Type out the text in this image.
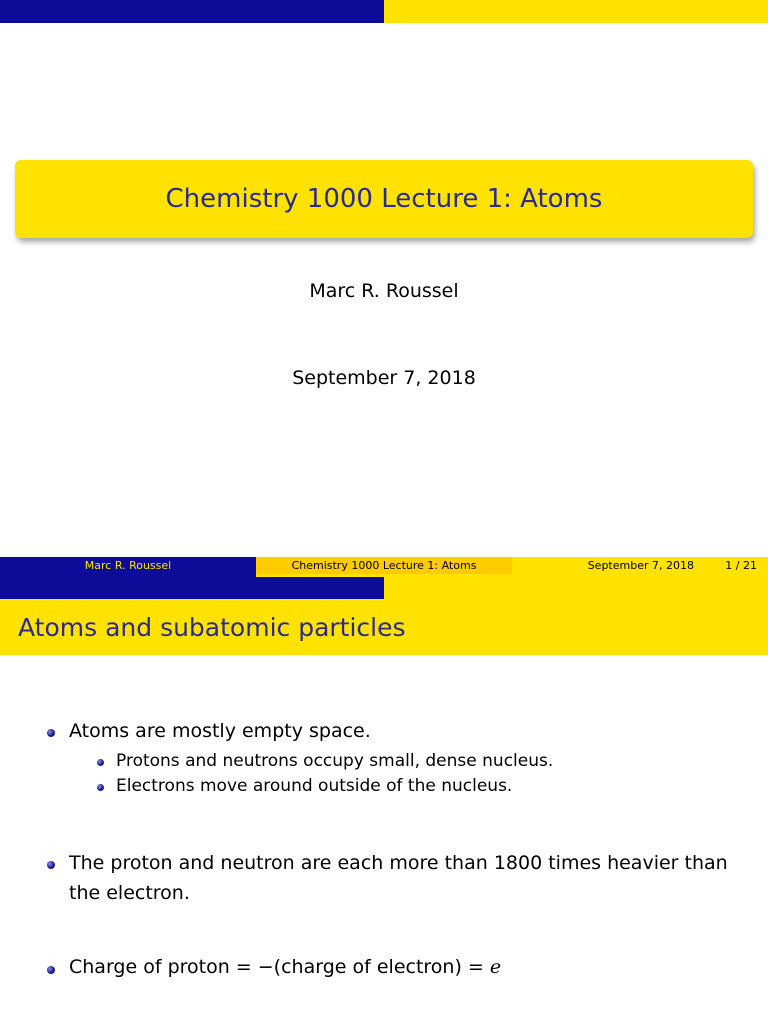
Chemistry 1000 Lecture 1: Atoms
Marc R. Roussel
September 7, 2018
Marc R. Roussel	Chemistry 1000 Lecture 1: Atoms	September 7, 2018	1 / 21
Atoms and subatomic particles
Atoms are mostly empty space.
Protons and neutrons occupy small, dense nucleus.
Electrons move around outside of the nucleus.
The proton and neutron are each more than 1800 times heavier than
the electron.
Charge of proton = −(charge of electron) = e
